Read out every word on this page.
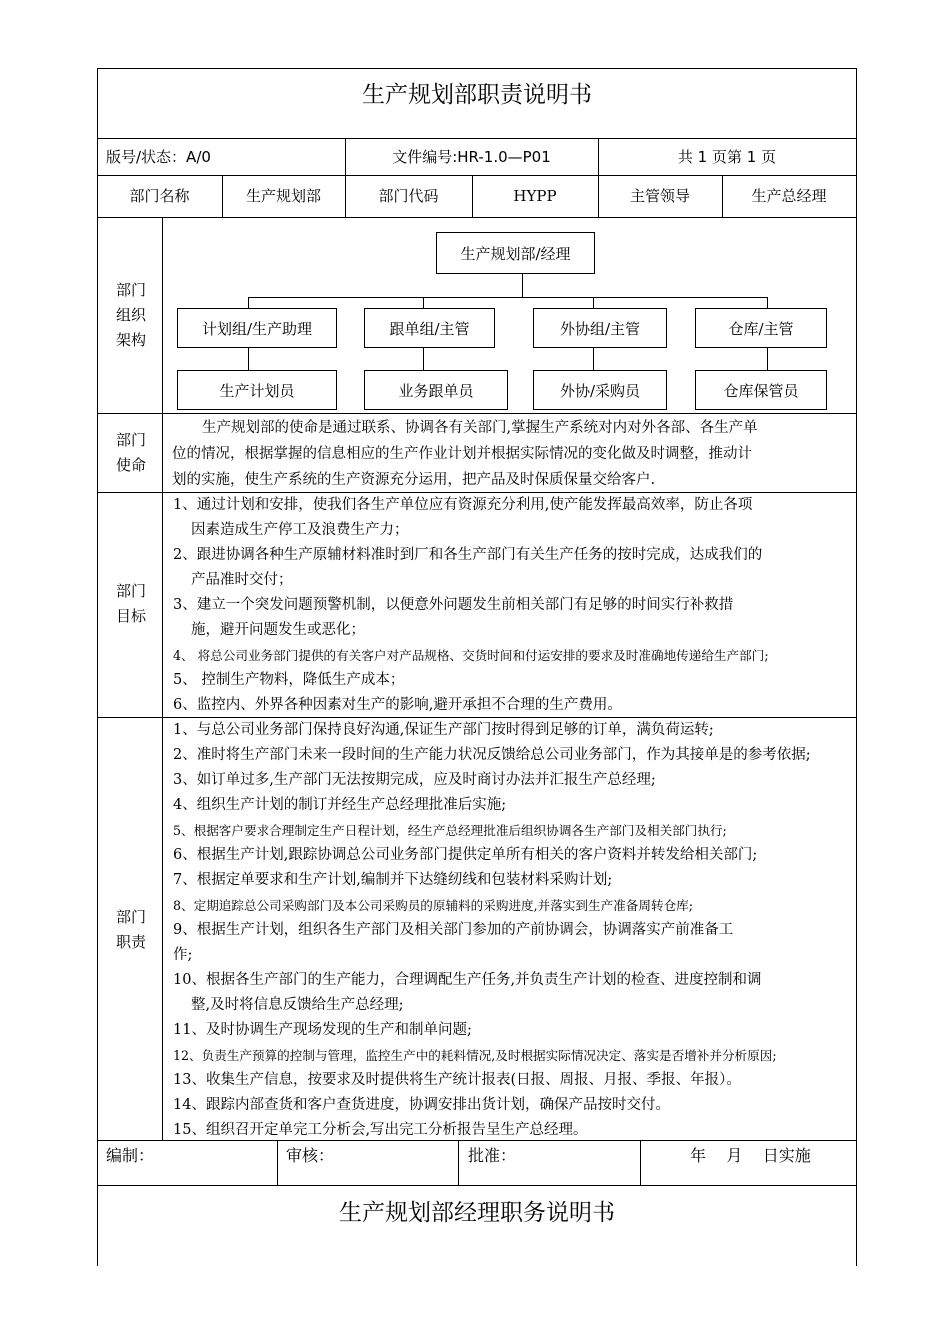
生产规划部职责说明书
版号/状态：A/0	文件编号:HR-1.0—P01	共 1 页第 1 页
部门名称	生产规划部	部门代码	HYPP	主管领导	生产总经理
部门
组织
架构
生产规划部/经理
计划组/生产助理	跟单组/主管	外协组/主管	仓库/主管
生产计划员	业务跟单员	外协/采购员	仓库保管员
部门
使命
生产规划部的使命是通过联系、协调各有关部门,掌握生产系统对内对外各部、各生产单
位的情况，根据掌握的信息相应的生产作业计划并根据实际情况的变化做及时调整，推动计
划的实施，使生产系统的生产资源充分运用，把产品及时保质保量交给客户.
部门
目标
1、通过计划和安排，使我们各生产单位应有资源充分利用,使产能发挥最高效率，防止各项
因素造成生产停工及浪费生产力；
2、跟进协调各种生产原辅材料准时到厂和各生产部门有关生产任务的按时完成，达成我们的
产品准时交付；
3、建立一个突发问题预警机制，以便意外问题发生前相关部门有足够的时间实行补救措
施，避开问题发生或恶化；
4、 将总公司业务部门提供的有关客户对产品规格、交货时间和付运安排的要求及时准确地传递给生产部门;
5、 控制生产物料，降低生产成本；
6、监控内、外界各种因素对生产的影响,避开承担不合理的生产费用。
部门
职责
1、与总公司业务部门保持良好沟通,保证生产部门按时得到足够的订单，满负荷运转;
2、准时将生产部门未来一段时间的生产能力状况反馈给总公司业务部门，作为其接单是的参考依据;
3、如订单过多,生产部门无法按期完成，应及时商讨办法并汇报生产总经理;
4、组织生产计划的制订并经生产总经理批准后实施;
5、根据客户要求合理制定生产日程计划，经生产总经理批准后组织协调各生产部门及相关部门执行;
6、根据生产计划,跟踪协调总公司业务部门提供定单所有相关的客户资料并转发给相关部门;
7、根据定单要求和生产计划,编制并下达缝纫线和包装材料采购计划;
8、定期追踪总公司采购部门及本公司采购员的原辅料的采购进度,并落实到生产准备周转仓库;
9、根据生产计划，组织各生产部门及相关部门参加的产前协调会，协调落实产前准备工
作;
10、根据各生产部门的生产能力，合理调配生产任务,并负责生产计划的检查、进度控制和调
整,及时将信息反馈给生产总经理;
11、及时协调生产现场发现的生产和制单问题;
12、负责生产预算的控制与管理，监控生产中的耗料情况,及时根据实际情况决定、落实是否增补并分析原因;
13、收集生产信息，按要求及时提供将生产统计报表(日报、周报、月报、季报、年报）。
14、跟踪内部查货和客户查货进度，协调安排出货计划，确保产品按时交付。
15、组织召开定单完工分析会,写出完工分析报告呈生产总经理。
编制：	审核：	批准：	年    月    日实施
生产规划部经理职务说明书
